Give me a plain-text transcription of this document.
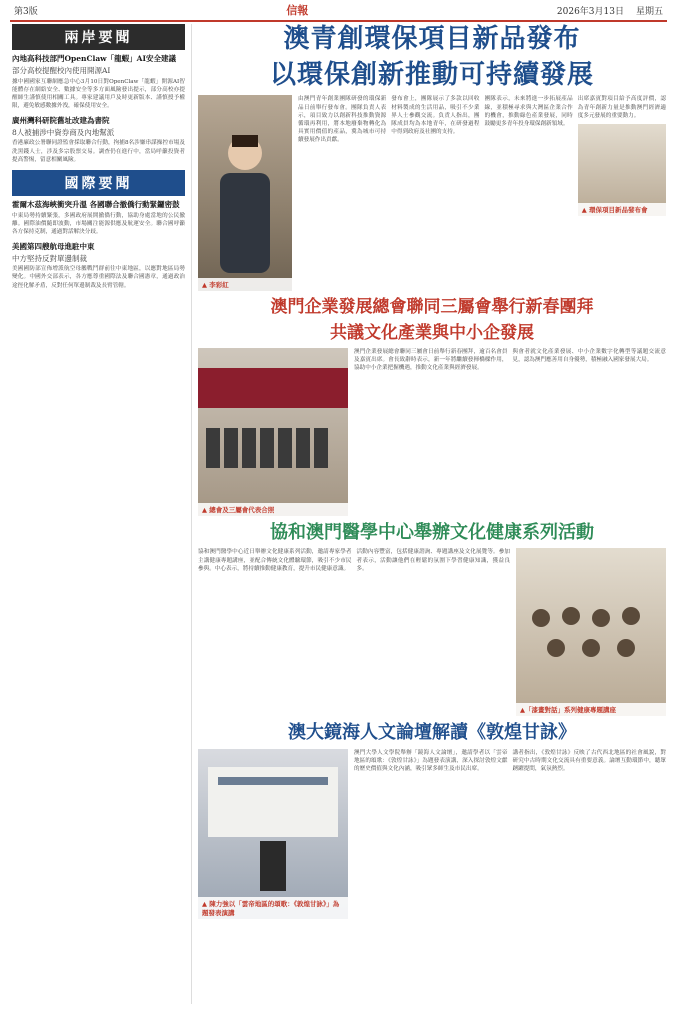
第3版	信報	2026年3月13日 星期五
兩岸要聞
內地高科技部門OpenClaw「龍蝦」AI安全建議
部分高校提醒校內使用開源AI

據中國國家互聯網應急中心3月10日對OpenClaw「龍蝦」開源AI智能體存在網絡安全、數據安全等多方面風險發出提示，部分高校亦提醒師生謹慎使用相關工具。專家建議用戶及時更新版本、謹慎授予權限，避免敏感數據外洩，確保使用安全。

廣州灣科研院舊址改建為書院
8人被捕涉中資券商及內地幫派

香港廉政公署聯同證監會採取聯合行動，拘捕8名涉嫌串謀操控市場及洗黑錢人士，涉及多宗股票交易。調查仍在進行中，當局呼籲投資者提高警惕，留意相關風險。

國際要聞
霍爾木茲海峽衝突升溫 各國聯合撤僑行動緊鑼密鼓

中東局勢持續緊張，多國政府展開撤僑行動，協助身處當地的公民撤離。國際油價隨即波動，市場關注能源供應及航運安全。聯合國呼籲各方保持克制，通過對話解決分歧。

美國第四艘航母進駐中東
中方堅持反對單邊制裁

美國國防部宣佈增派航空母艦戰鬥群前往中東地區，以應對地區局勢變化。中國外交部表示，各方應尊重國際法及聯合國憲章，通過政治途徑化解矛盾，反對任何單邊制裁及長臂管轄。

澳青創環保項目新品發布
以環保創新推動可持續發展
▲ 李彩紅

由澳門青年創業團隊研發的環保新品日前舉行發布會。團隊負責人表示，項目致力以創新科技推動資源循環再利用，將本地廢棄物轉化為具實用價值的產品，冀為城市可持續發展作出貢獻。

發布會上，團隊展示了多款以回收材料製成的生活用品，吸引不少業界人士參觀交流。負責人指出，團隊成員均為本地青年，在研發過程中得到政府及社團的支持。

團隊表示，未來將進一步拓展產品線，並積極尋求與大灣區企業合作的機會，推動綠色產業發展，同時鼓勵更多青年投身環保創新領域。

出席嘉賓對項目給予高度評價，認為青年創新力量是推動澳門經濟適度多元發展的重要動力。

▲ 環保項目新品發布會
澳門企業發展總會聯同三屬會舉行新春團拜
共議文化產業與中小企發展
▲ 總會及三屬會代表合照

澳門企業發展總會聯同三屬會日前舉行新春團拜，逾百名會員及嘉賓出席。會長致辭時表示，新一年將繼續發揮橋樑作用，協助中小企業把握機遇，推動文化產業與經濟發展。

與會者就文化產業發展、中小企業數字化轉型等議題交流意見，認為澳門應善用自身優勢，積極融入國家發展大局。

協和澳門醫學中心舉辦文化健康系列活動

協和澳門醫學中心近日舉辦文化健康系列活動，邀請專家學者主講健康專題講座，並配合傳統文化體驗環節，吸引不少市民參與。中心表示，將持續推動健康教育，提升市民健康意識。

活動內容豐富，包括健康諮詢、專題講座及文化展覽等。參加者表示，活動讓他們在輕鬆的氛圍下學習健康知識，獲益良多。

▲「漆畫對話」系列健康專題講座
澳大鏡海人文論壇解讀《敦煌甘詠》
▲ 陳力強以「雲帝地區的頌歌：《敦煌甘詠》」為題發表演講

澳門大學人文學院舉辦「鏡海人文論壇」，邀請學者以「雲帝地區的頌歌：《敦煌甘詠》」為題發表演講，深入探討敦煌文獻的歷史價值與文化內涵，吸引眾多師生及市民出席。

講者指出，《敦煌甘詠》反映了古代西北地區的社會風貌，對研究中古時期文化交流具有重要意義。論壇互動環節中，聽眾踴躍提問，氣氛熱烈。
